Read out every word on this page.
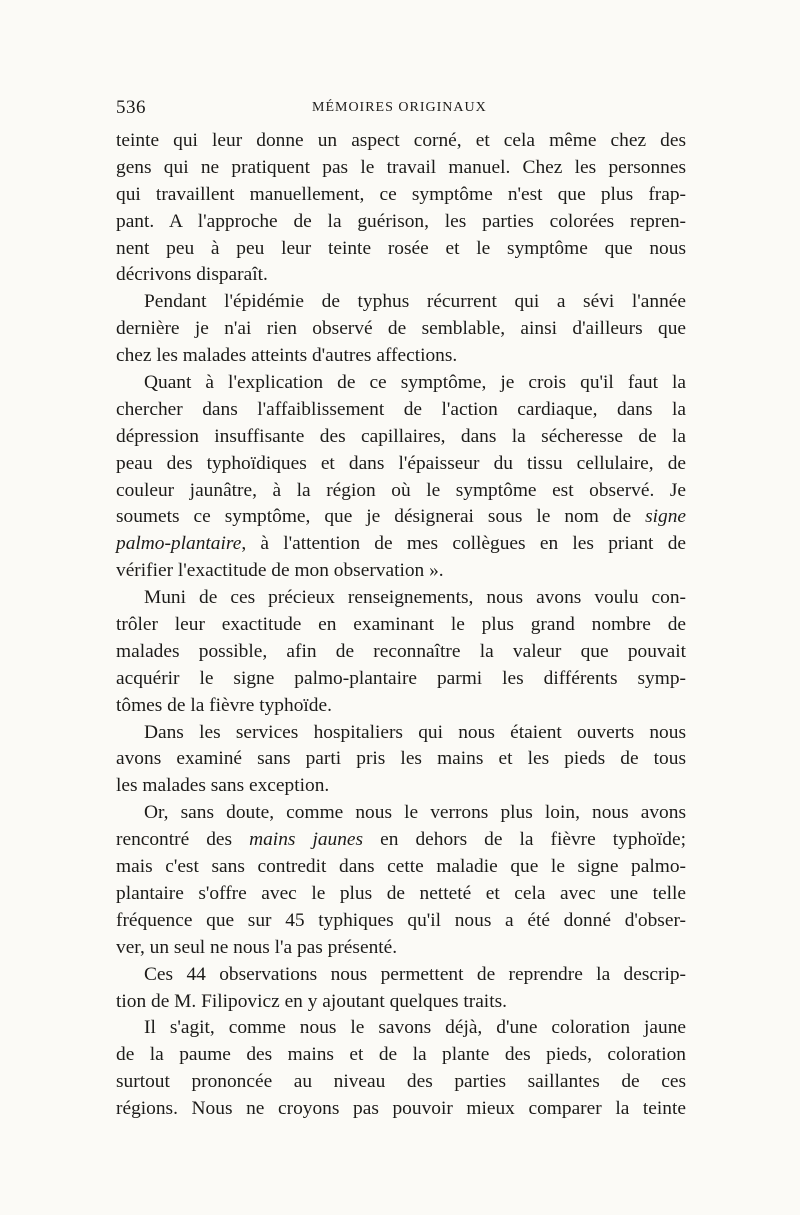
536	MÉMOIRES ORIGINAUX
teinte qui leur donne un aspect corné, et cela même chez des
gens qui ne pratiquent pas le travail manuel. Chez les personnes
qui travaillent manuellement, ce symptôme n'est que plus frap-
pant. A l'approche de la guérison, les parties colorées repren-
nent peu à peu leur teinte rosée et le symptôme que nous
décrivons disparaît.
Pendant l'épidémie de typhus récurrent qui a sévi l'année
dernière je n'ai rien observé de semblable, ainsi d'ailleurs que
chez les malades atteints d'autres affections.
Quant à l'explication de ce symptôme, je crois qu'il faut la
chercher dans l'affaiblissement de l'action cardiaque, dans la
dépression insuffisante des capillaires, dans la sécheresse de la
peau des typhoïdiques et dans l'épaisseur du tissu cellulaire, de
couleur jaunâtre, à la région où le symptôme est observé. Je
soumets ce symptôme, que je désignerai sous le nom de signe
palmo-plantaire, à l'attention de mes collègues en les priant de
vérifier l'exactitude de mon observation ».
Muni de ces précieux renseignements, nous avons voulu con-
trôler leur exactitude en examinant le plus grand nombre de
malades possible, afin de reconnaître la valeur que pouvait
acquérir le signe palmo-plantaire parmi les différents symp-
tômes de la fièvre typhoïde.
Dans les services hospitaliers qui nous étaient ouverts nous
avons examiné sans parti pris les mains et les pieds de tous
les malades sans exception.
Or, sans doute, comme nous le verrons plus loin, nous avons
rencontré des mains jaunes en dehors de la fièvre typhoïde;
mais c'est sans contredit dans cette maladie que le signe palmo-
plantaire s'offre avec le plus de netteté et cela avec une telle
fréquence que sur 45 typhiques qu'il nous a été donné d'obser-
ver, un seul ne nous l'a pas présenté.
Ces 44 observations nous permettent de reprendre la descrip-
tion de M. Filipovicz en y ajoutant quelques traits.
Il s'agit, comme nous le savons déjà, d'une coloration jaune
de la paume des mains et de la plante des pieds, coloration
surtout prononcée au niveau des parties saillantes de ces
régions. Nous ne croyons pas pouvoir mieux comparer la teinte
